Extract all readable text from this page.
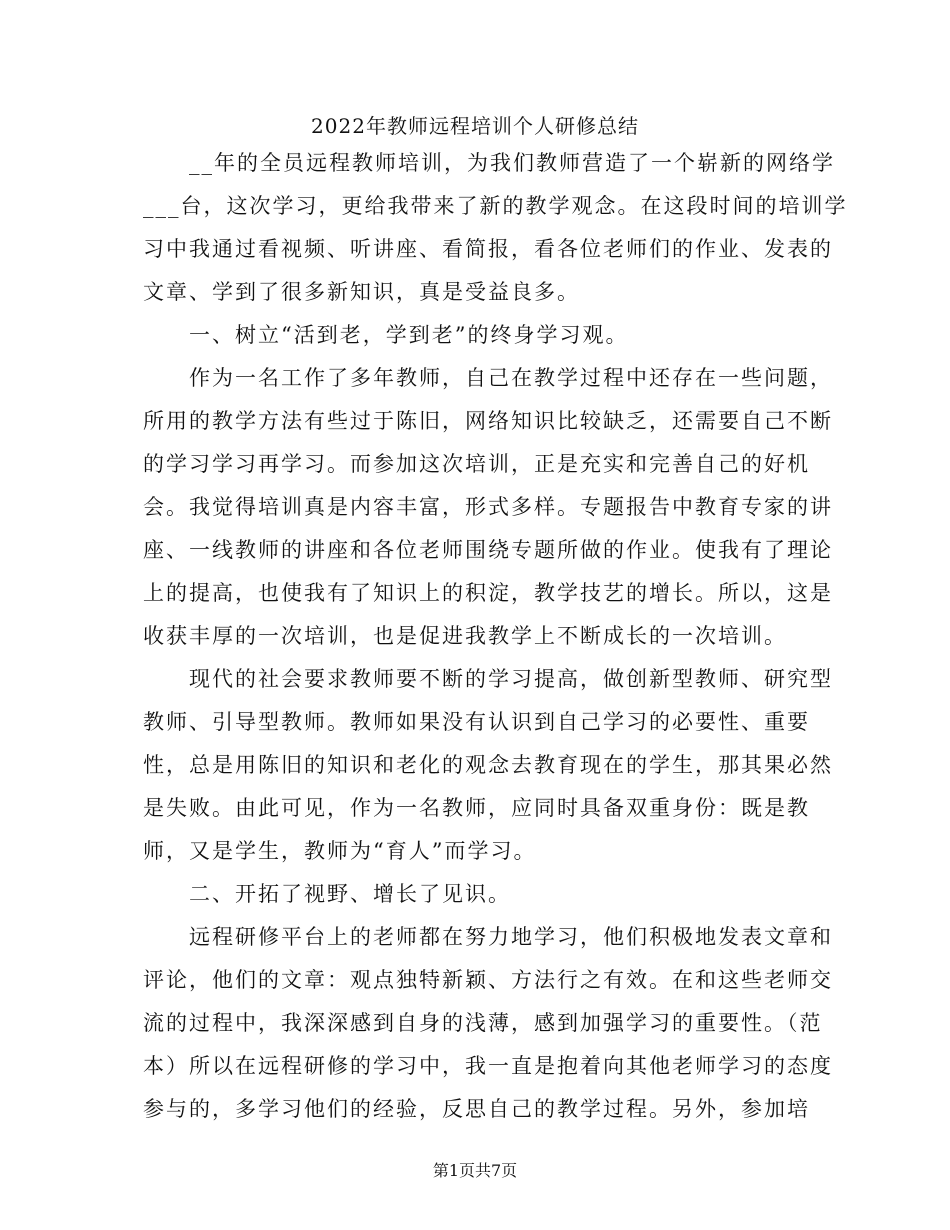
2022年教师远程培训个人研修总结
　　__年的全员远程教师培训，为我们教师营造了一个崭新的网络学
___台，这次学习，更给我带来了新的教学观念。在这段时间的培训学
习中我通过看视频、听讲座、看简报，看各位老师们的作业、发表的
文章、学到了很多新知识，真是受益良多。
　　一、树立“活到老，学到老”的终身学习观。
　　作为一名工作了多年教师，自己在教学过程中还存在一些问题，
所用的教学方法有些过于陈旧，网络知识比较缺乏，还需要自己不断
的学习学习再学习。而参加这次培训，正是充实和完善自己的好机
会。我觉得培训真是内容丰富，形式多样。专题报告中教育专家的讲
座、一线教师的讲座和各位老师围绕专题所做的作业。使我有了理论
上的提高，也使我有了知识上的积淀，教学技艺的增长。所以，这是
收获丰厚的一次培训，也是促进我教学上不断成长的一次培训。
　　现代的社会要求教师要不断的学习提高，做创新型教师、研究型
教师、引导型教师。教师如果没有认识到自己学习的必要性、重要
性，总是用陈旧的知识和老化的观念去教育现在的学生，那其果必然
是失败。由此可见，作为一名教师，应同时具备双重身份：既是教
师，又是学生，教师为“育人”而学习。
　　二、开拓了视野、增长了见识。
　　远程研修平台上的老师都在努力地学习，他们积极地发表文章和
评论，他们的文章：观点独特新颖、方法行之有效。在和这些老师交
流的过程中，我深深感到自身的浅薄，感到加强学习的重要性。（范
本）所以在远程研修的学习中，我一直是抱着向其他老师学习的态度
参与的，多学习他们的经验，反思自己的教学过程。另外，参加培
第1页共7页
